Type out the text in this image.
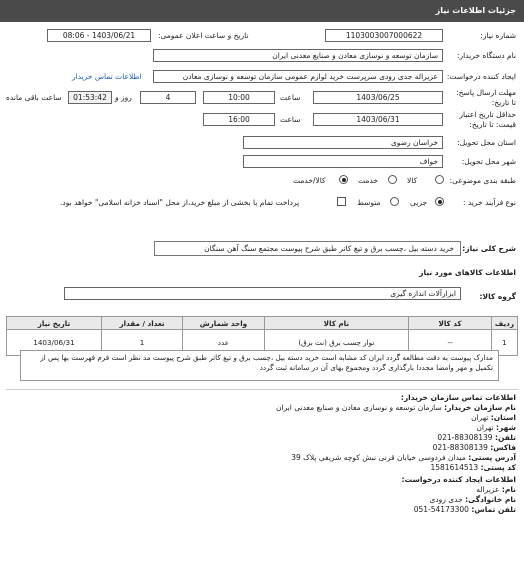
جزئیات اطلاعات نیاز
شماره نیاز:
1103003007000622
تاریخ و ساعت اعلان عمومی:
1403/06/21 - 08:06
نام دستگاه خریدار:
سازمان توسعه و نوسازی معادن و صنایع معدنی ایران
ایجاد کننده درخواست:
عزیراله جدی رودی سرپرست خرید لوازم عمومی سازمان توسعه و نوسازی معادن
اطلاعات تماس خریدار
مهلت ارسال پاسخ:
تا تاریخ:
1403/06/25
ساعت
10:00
4
روز و
01:53:42
ساعت باقی مانده
حداقل تاریخ اعتبار
قیمت: تا تاریخ:
1403/06/31
ساعت
16:00
استان محل تحویل:
خراسان رضوی
شهر محل تحویل:
خواف
طبقه بندی موضوعی:
کالا
خدمت
کالا/خدمت
نوع فرآیند خرید :
جزیی
متوسط
پرداخت تمام یا بخشی از مبلغ خرید،از محل "اسناد خزانه اسلامی" خواهد بود.
شرح کلی نیاز:
خرید دسته بیل ،چسب برق و تیغ کاتر طبق شرح پیوست مجتمع سنگ آهن سنگان
اطلاعات کالاهای مورد نیاز
گروه کالا:
ابزارآلات اندازه گیری
ردیف	کد کالا	نام کالا	واحد شمارش	تعداد / مقدار	تاریخ نیاز
1	--	نوار چسب برق (نت برق)	عدد	1	1403/06/31
مدارک پیوست به دقت مطالعه گردد ایران کد مشابه است خرید دسته بیل ،چسب برق و تیغ کاتر طبق شرح پیوست مد نظر است فرم فهرست بها پس از تکمیل و مهر وامضا مجددا بارگذاری گردد ومجموع بهای آن در سامانه ثبت گردد
اطلاعات تماس سازمان خریدار:
نام سازمان خریدار: سازمان توسعه و نوسازی معادن و صنایع معدنی ایران
استان: تهران
شهر: تهران
تلفن: 88308139-021
فاکس: 88308139-021
آدرس پستی: میدان فردوسی خیابان قرنی نبش کوچه شریفی پلاک 39
کد پستی: 1581614513
اطلاعات ایجاد کننده درخواست:
نام: عزیراله
نام خانوادگی: جدی رودی
تلفن تماس: 54173300-051
